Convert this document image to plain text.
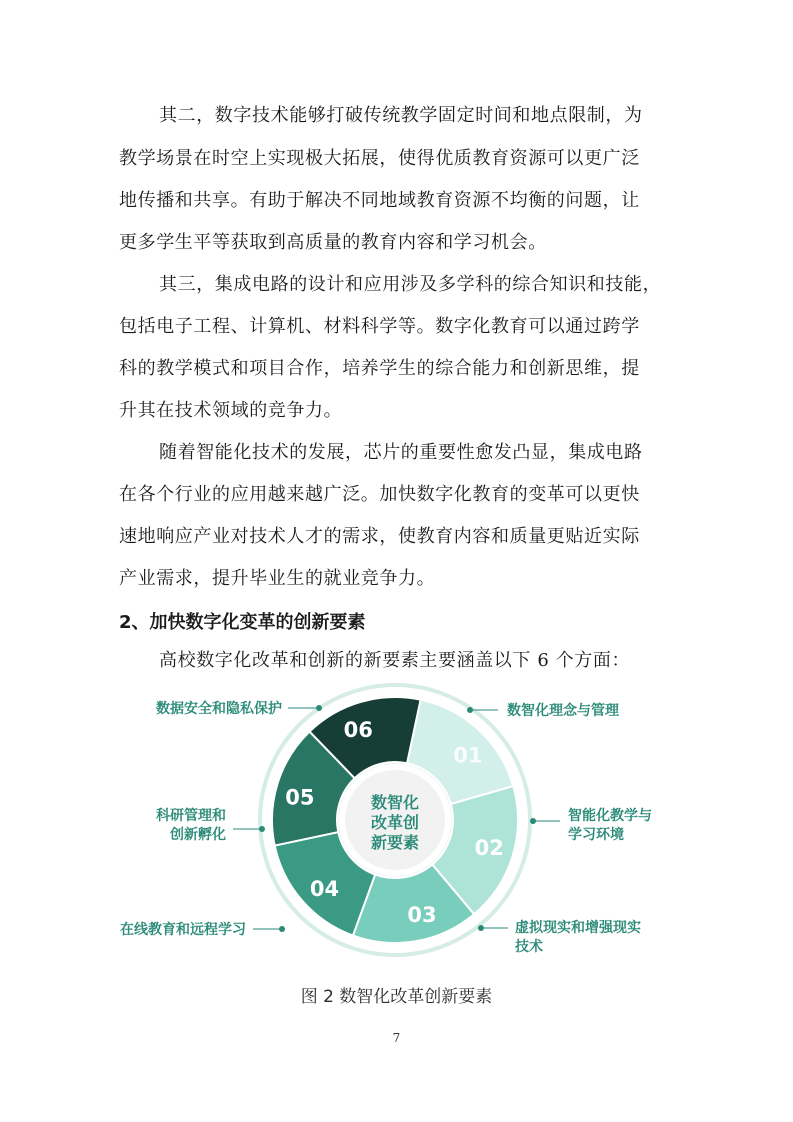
其二，数字技术能够打破传统教学固定时间和地点限制，为
教学场景在时空上实现极大拓展，使得优质教育资源可以更广泛
地传播和共享。有助于解决不同地域教育资源不均衡的问题，让
更多学生平等获取到高质量的教育内容和学习机会。
其三，集成电路的设计和应用涉及多学科的综合知识和技能，
包括电子工程、计算机、材料科学等。数字化教育可以通过跨学
科的教学模式和项目合作，培养学生的综合能力和创新思维，提
升其在技术领域的竞争力。
随着智能化技术的发展，芯片的重要性愈发凸显，集成电路
在各个行业的应用越来越广泛。加快数字化教育的变革可以更快
速地响应产业对技术人才的需求，使教育内容和质量更贴近实际
产业需求，提升毕业生的就业竞争力。
2、加快数字化变革的创新要素
高校数字化改革和创新的新要素主要涵盖以下 6 个方面：
数智化
改革创
新要素
01
02
03
04
05
06
数智化理念与管理
智能化教学与
学习环境
虚拟现实和增强现实
技术
在线教育和远程学习
科研管理和
创新孵化
数据安全和隐私保护
图 2 数智化改革创新要素
7
